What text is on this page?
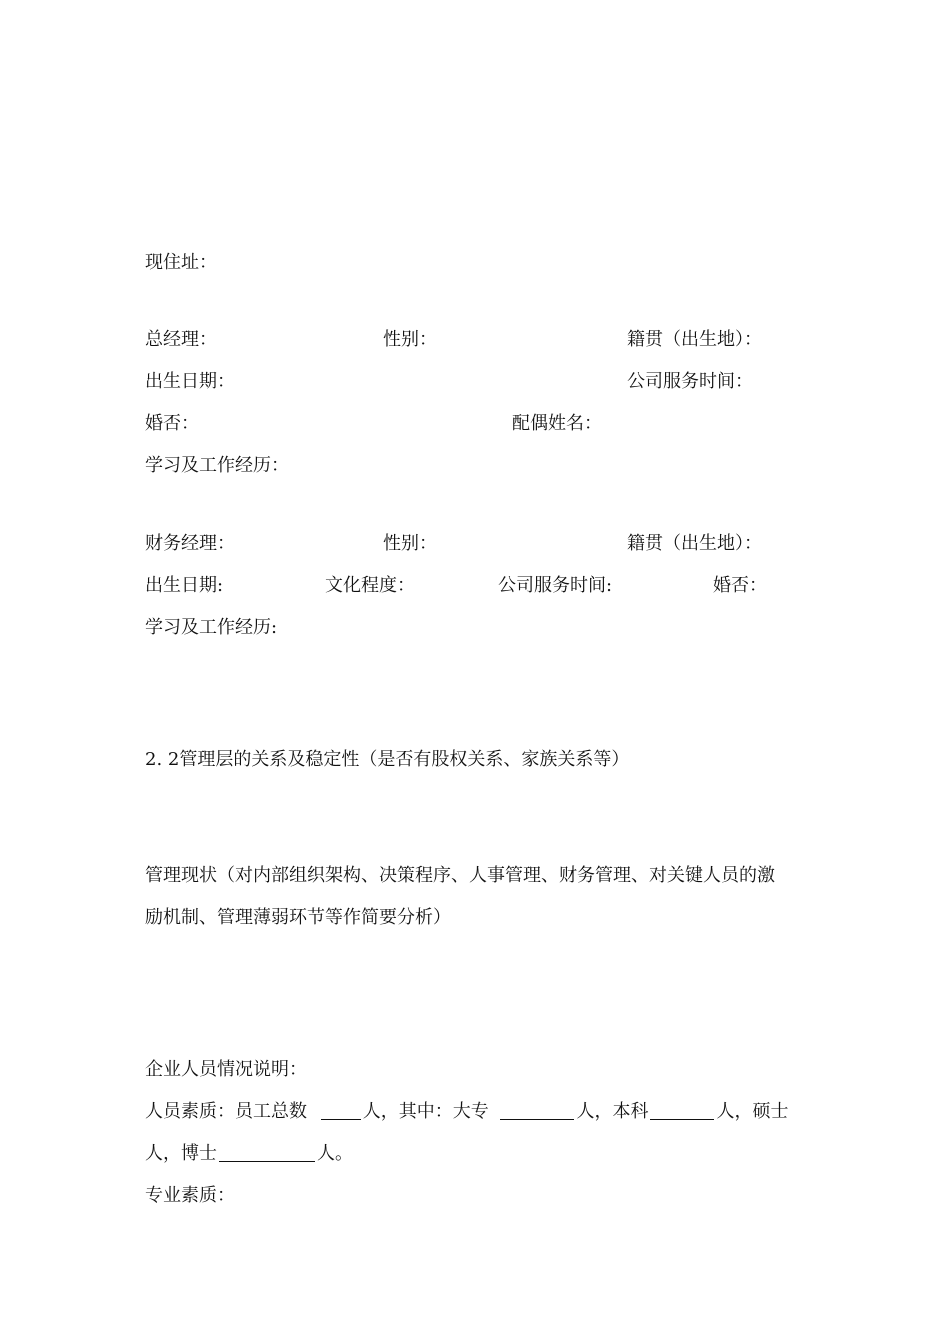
现住址：

总经理：	性别：	籍贯（出生地）：

出生日期：	公司服务时间：

婚否：	配偶姓名：

学习及工作经历：

财务经理：	性别：	籍贯（出生地）：

出生日期:	文化程度：	公司服务时间:	婚否：

学习及工作经历:

2. 2管理层的关系及稳定性（是否有股权关系、家族关系等）

管理现状（对内部组织架构、决策程序、人事管理、财务管理、对关键人员的激

励机制、管理薄弱环节等作简要分析）

企业人员情况说明：

人员素质：员工总数	人，其中：大专	人，本科	人，硕士

人，博士	人。

专业素质：
